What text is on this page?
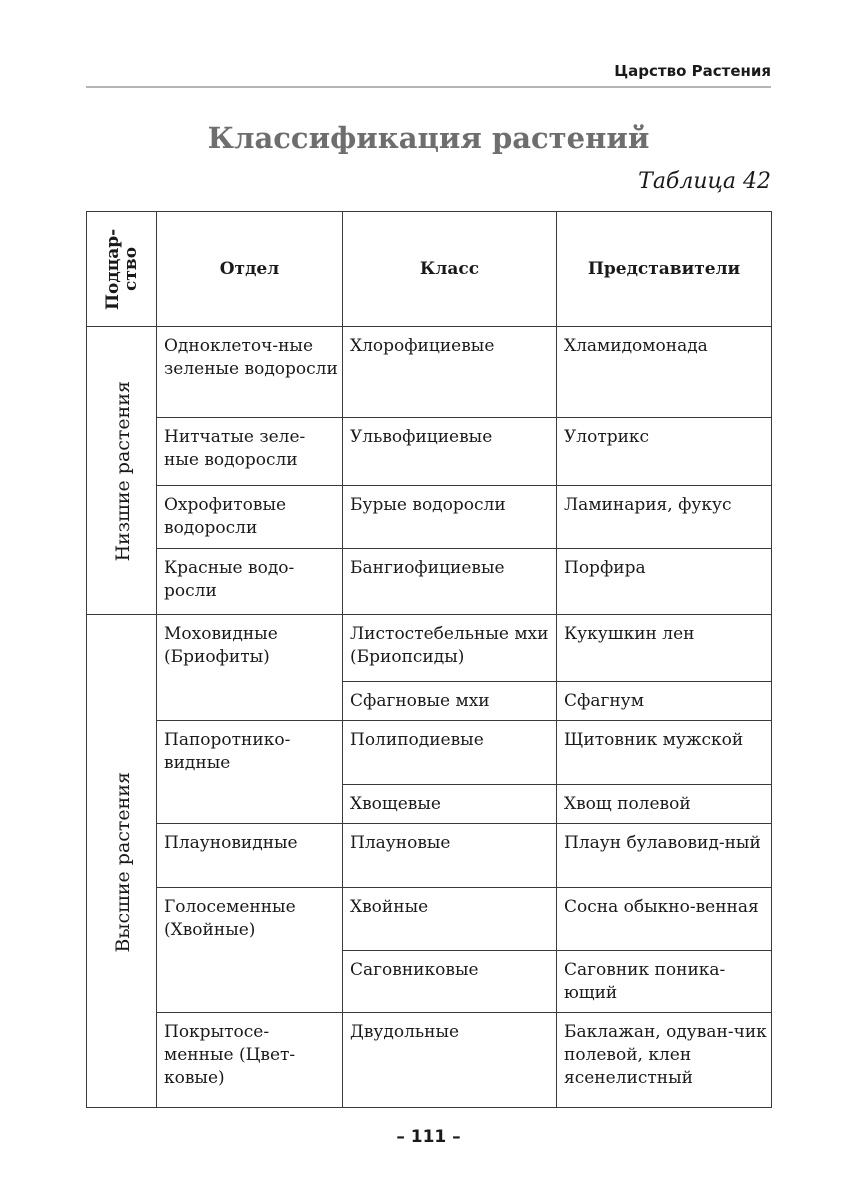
Царство Растения
Классификация растений
Таблица 42
Подцар-ство	Отдел	Класс	Представители

Низшие растения	Одноклеточ-ные зеленые водоросли	Хлорофициевые	Хламидомонада
	Нитчатые зеле-ные водоросли	Ульвофициевые	Улотрикс
	Охрофитовые водоросли	Бурые водоросли	Ламинария, фукус
	Красные водо-росли	Бангиофициевые	Порфира

Высшие растения	Моховидные (Бриофиты)	Листостебельные мхи (Бриопсиды)	Кукушкин лен
		Сфагновые мхи	Сфагнум
	Папоротнико-видные	Полиподиевые	Щитовник мужской
		Хвощевые	Хвощ полевой
	Плауновидные	Плауновые	Плаун булавовид-ный
	Голосеменные (Хвойные)	Хвойные	Сосна обыкно-венная
		Саговниковые	Саговник поника-ющий
	Покрытосе-менные (Цвет-ковые)	Двудольные	Баклажан, одуван-чик полевой, клен ясенелистный
– 111 –
